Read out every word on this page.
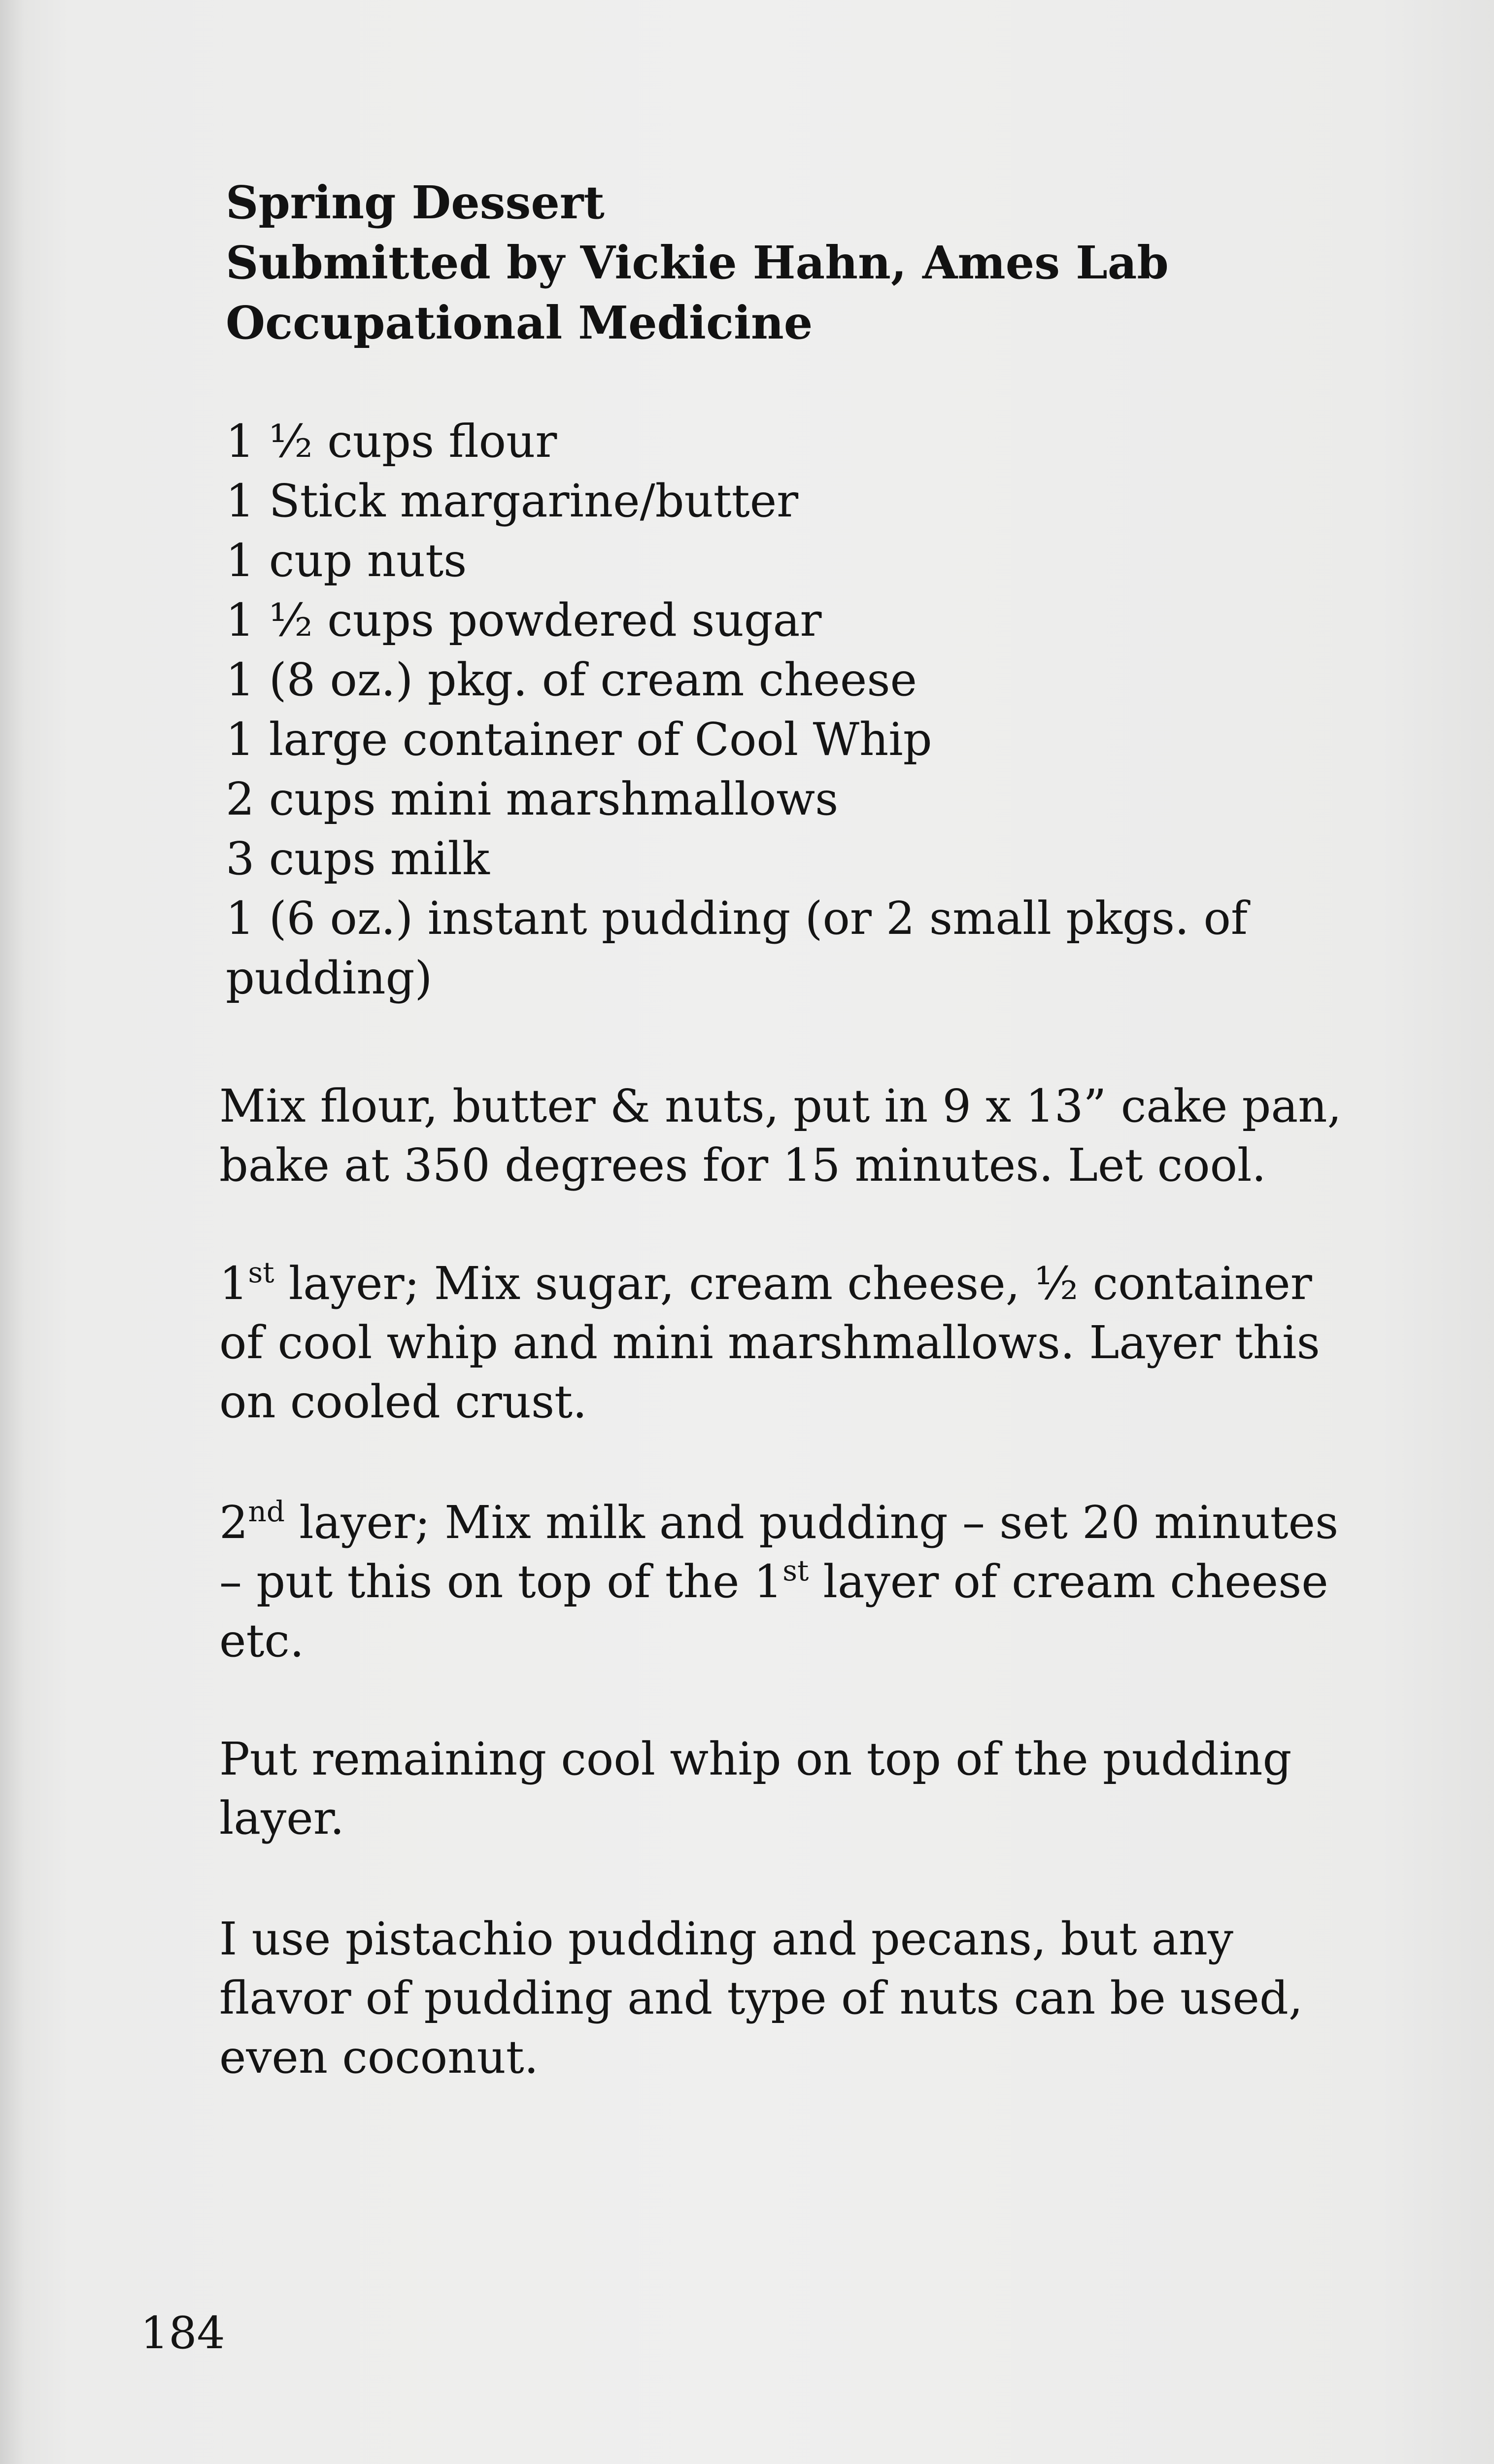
Spring Dessert
Submitted by Vickie Hahn, Ames Lab
Occupational Medicine
1 ½ cups flour
1 Stick margarine/butter
1 cup nuts
1 ½ cups powdered sugar
1 (8 oz.) pkg. of cream cheese
1 large container of Cool Whip
2 cups mini marshmallows
3 cups milk
1 (6 oz.) instant pudding (or 2 small pkgs. of
pudding)
Mix flour, butter & nuts, put in 9 x 13” cake pan,
bake at 350 degrees for 15 minutes. Let cool.
1st layer; Mix sugar, cream cheese, ½ container
of cool whip and mini marshmallows. Layer this
on cooled crust.
2nd layer; Mix milk and pudding – set 20 minutes
– put this on top of the 1st layer of cream cheese
etc.
Put remaining cool whip on top of the pudding
layer.
I use pistachio pudding and pecans, but any
flavor of pudding and type of nuts can be used,
even coconut.
184
